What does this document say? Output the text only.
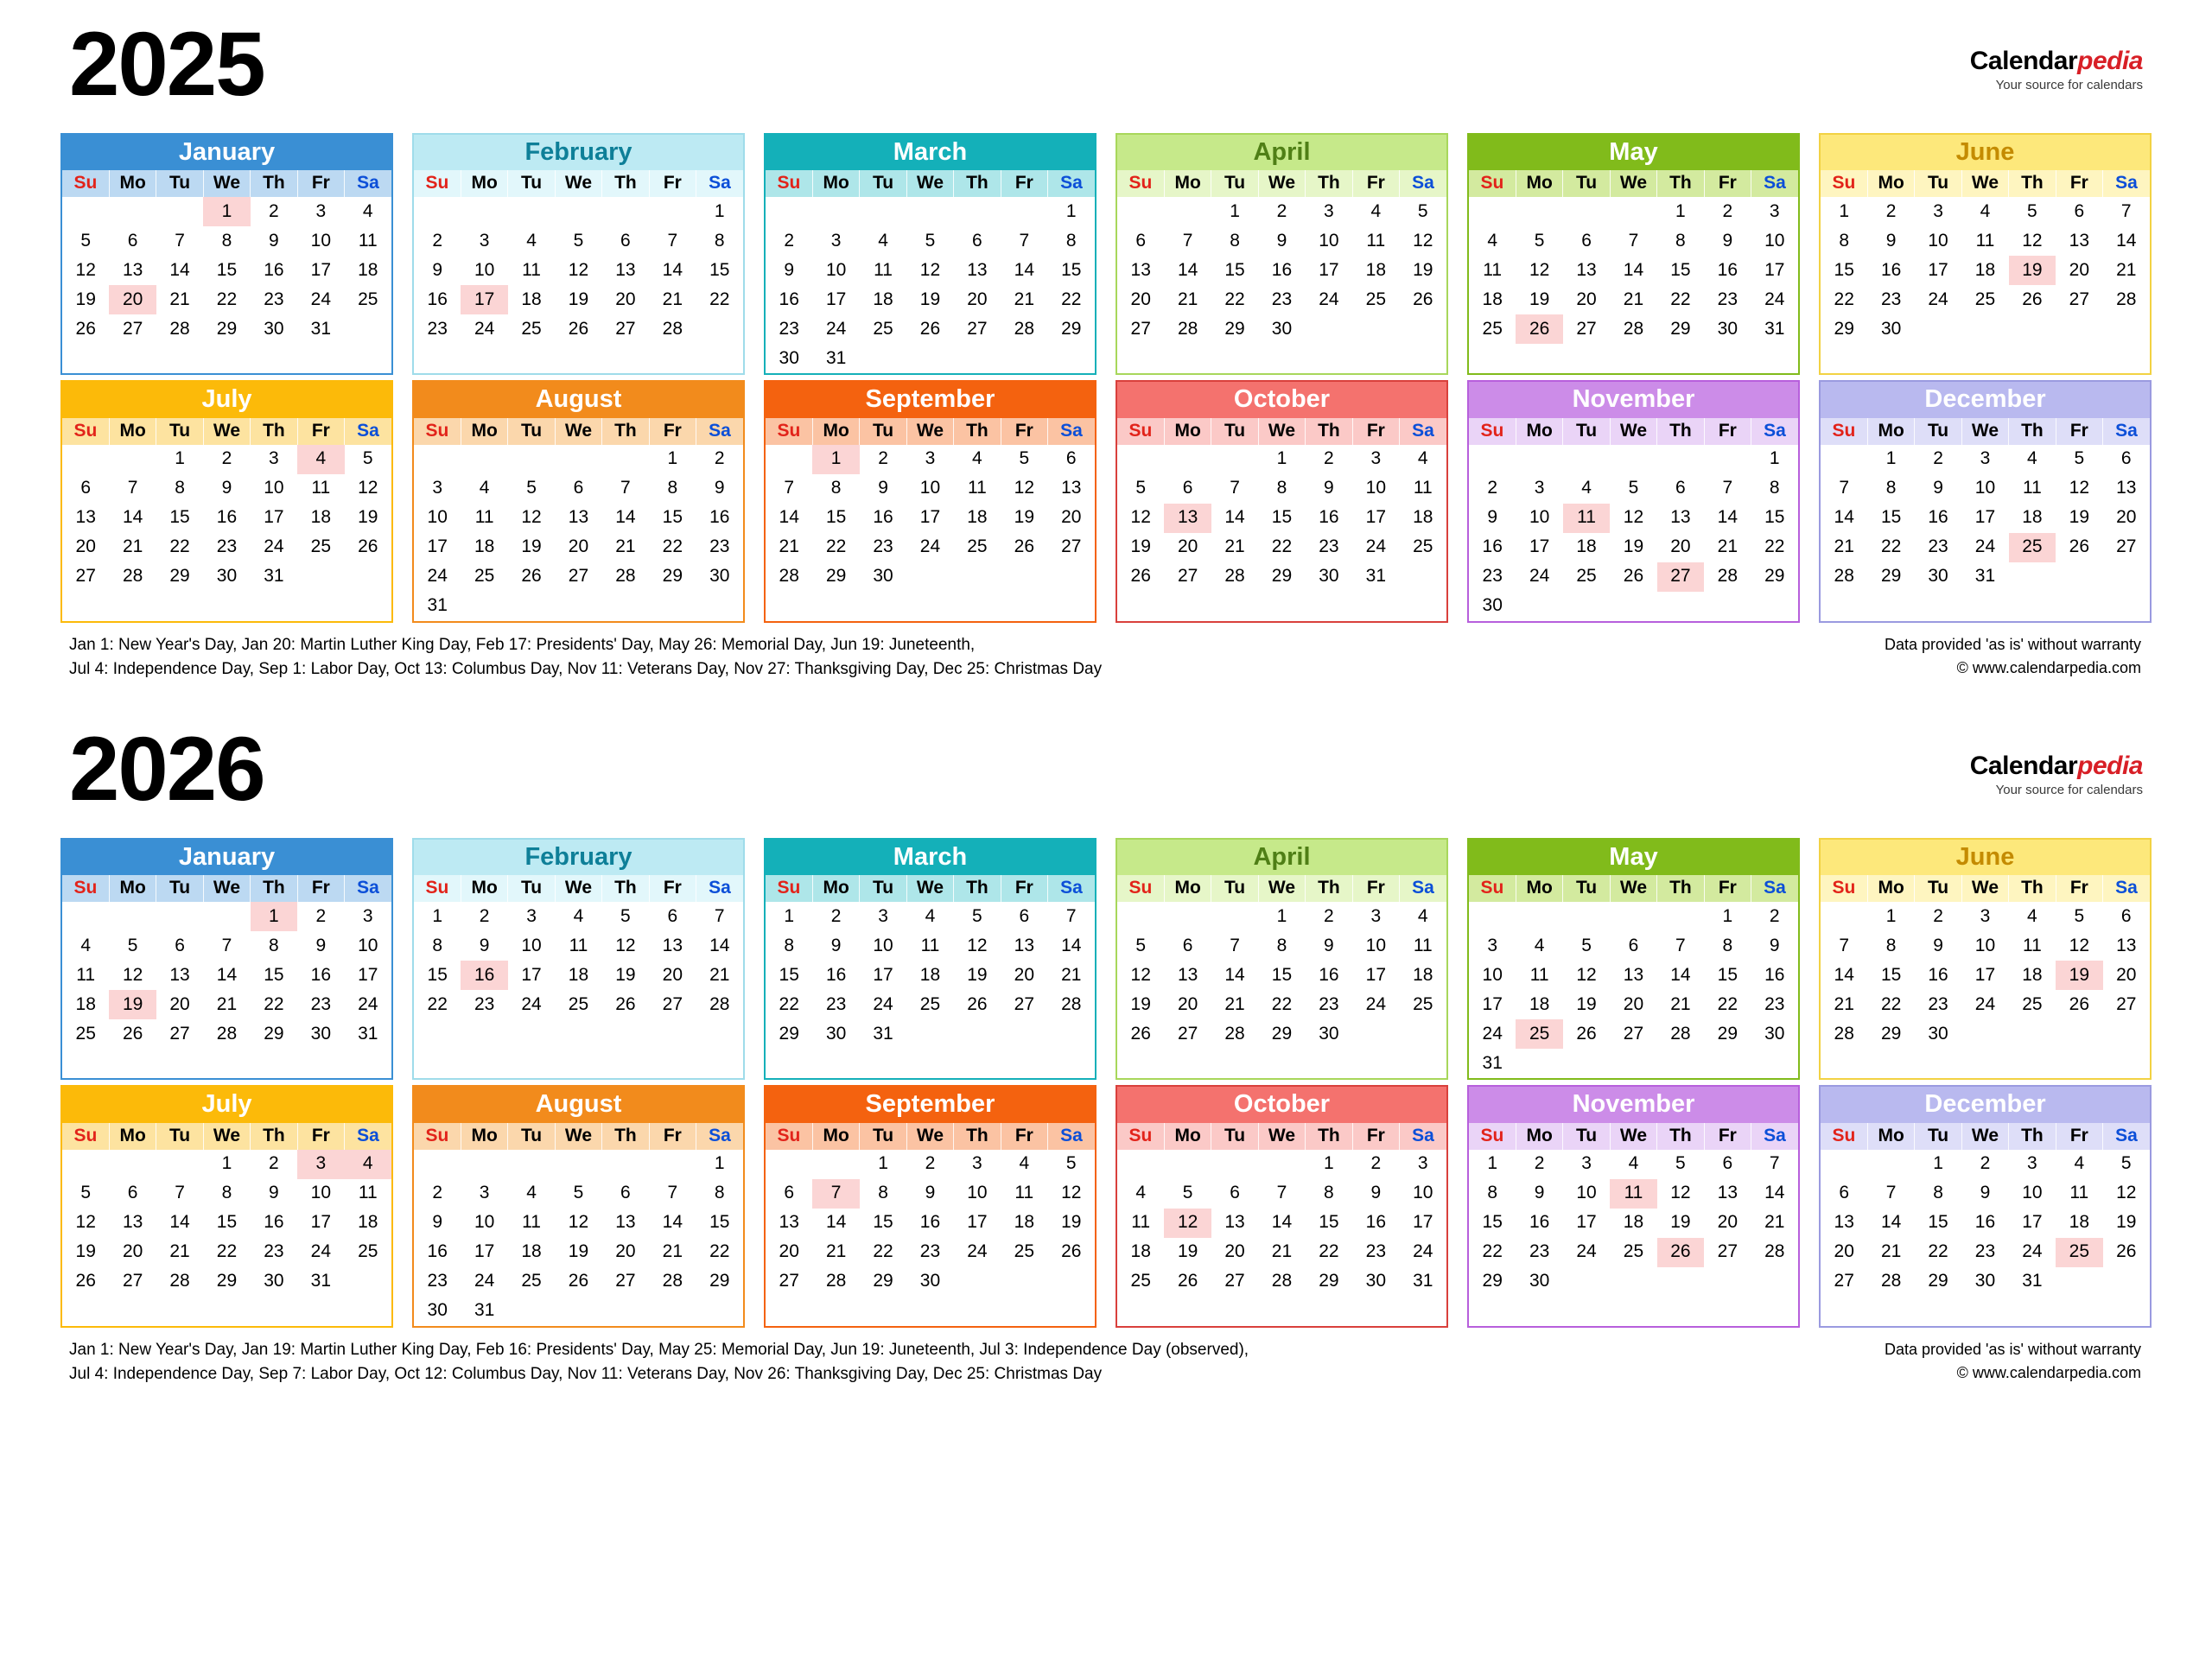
2025	Calendarpedia
Your source for calendars
January
Su	Mo	Tu	We	Th	Fr	Sa
			1	2	3	4
5	6	7	8	9	10	11
12	13	14	15	16	17	18
19	20	21	22	23	24	25
26	27	28	29	30	31	
February
Su	Mo	Tu	We	Th	Fr	Sa
						1
2	3	4	5	6	7	8
9	10	11	12	13	14	15
16	17	18	19	20	21	22
23	24	25	26	27	28	
March
Su	Mo	Tu	We	Th	Fr	Sa
						1
2	3	4	5	6	7	8
9	10	11	12	13	14	15
16	17	18	19	20	21	22
23	24	25	26	27	28	29
30	31					
April
Su	Mo	Tu	We	Th	Fr	Sa
		1	2	3	4	5
6	7	8	9	10	11	12
13	14	15	16	17	18	19
20	21	22	23	24	25	26
27	28	29	30			
May
Su	Mo	Tu	We	Th	Fr	Sa
				1	2	3
4	5	6	7	8	9	10
11	12	13	14	15	16	17
18	19	20	21	22	23	24
25	26	27	28	29	30	31
June
Su	Mo	Tu	We	Th	Fr	Sa
1	2	3	4	5	6	7
8	9	10	11	12	13	14
15	16	17	18	19	20	21
22	23	24	25	26	27	28
29	30					
July
Su	Mo	Tu	We	Th	Fr	Sa
		1	2	3	4	5
6	7	8	9	10	11	12
13	14	15	16	17	18	19
20	21	22	23	24	25	26
27	28	29	30	31		
August
Su	Mo	Tu	We	Th	Fr	Sa
					1	2
3	4	5	6	7	8	9
10	11	12	13	14	15	16
17	18	19	20	21	22	23
24	25	26	27	28	29	30
31						
September
Su	Mo	Tu	We	Th	Fr	Sa
	1	2	3	4	5	6
7	8	9	10	11	12	13
14	15	16	17	18	19	20
21	22	23	24	25	26	27
28	29	30				
October
Su	Mo	Tu	We	Th	Fr	Sa
			1	2	3	4
5	6	7	8	9	10	11
12	13	14	15	16	17	18
19	20	21	22	23	24	25
26	27	28	29	30	31	
November
Su	Mo	Tu	We	Th	Fr	Sa
						1
2	3	4	5	6	7	8
9	10	11	12	13	14	15
16	17	18	19	20	21	22
23	24	25	26	27	28	29
30						
December
Su	Mo	Tu	We	Th	Fr	Sa
	1	2	3	4	5	6
7	8	9	10	11	12	13
14	15	16	17	18	19	20
21	22	23	24	25	26	27
28	29	30	31			
Jan 1: New Year's Day, Jan 20: Martin Luther King Day, Feb 17: Presidents' Day, May 26: Memorial Day, Jun 19: Juneteenth,
Jul 4: Independence Day, Sep 1: Labor Day, Oct 13: Columbus Day, Nov 11: Veterans Day, Nov 27: Thanksgiving Day, Dec 25: Christmas Day
Data provided 'as is' without warranty
© www.calendarpedia.com
2026	Calendarpedia
Your source for calendars
January
Su	Mo	Tu	We	Th	Fr	Sa
				1	2	3
4	5	6	7	8	9	10
11	12	13	14	15	16	17
18	19	20	21	22	23	24
25	26	27	28	29	30	31
February
Su	Mo	Tu	We	Th	Fr	Sa
1	2	3	4	5	6	7
8	9	10	11	12	13	14
15	16	17	18	19	20	21
22	23	24	25	26	27	28
March
Su	Mo	Tu	We	Th	Fr	Sa
1	2	3	4	5	6	7
8	9	10	11	12	13	14
15	16	17	18	19	20	21
22	23	24	25	26	27	28
29	30	31				
April
Su	Mo	Tu	We	Th	Fr	Sa
			1	2	3	4
5	6	7	8	9	10	11
12	13	14	15	16	17	18
19	20	21	22	23	24	25
26	27	28	29	30		
May
Su	Mo	Tu	We	Th	Fr	Sa
					1	2
3	4	5	6	7	8	9
10	11	12	13	14	15	16
17	18	19	20	21	22	23
24	25	26	27	28	29	30
31						
June
Su	Mo	Tu	We	Th	Fr	Sa
	1	2	3	4	5	6
7	8	9	10	11	12	13
14	15	16	17	18	19	20
21	22	23	24	25	26	27
28	29	30				
July
Su	Mo	Tu	We	Th	Fr	Sa
			1	2	3	4
5	6	7	8	9	10	11
12	13	14	15	16	17	18
19	20	21	22	23	24	25
26	27	28	29	30	31	
August
Su	Mo	Tu	We	Th	Fr	Sa
						1
2	3	4	5	6	7	8
9	10	11	12	13	14	15
16	17	18	19	20	21	22
23	24	25	26	27	28	29
30	31					
September
Su	Mo	Tu	We	Th	Fr	Sa
		1	2	3	4	5
6	7	8	9	10	11	12
13	14	15	16	17	18	19
20	21	22	23	24	25	26
27	28	29	30			
October
Su	Mo	Tu	We	Th	Fr	Sa
				1	2	3
4	5	6	7	8	9	10
11	12	13	14	15	16	17
18	19	20	21	22	23	24
25	26	27	28	29	30	31
November
Su	Mo	Tu	We	Th	Fr	Sa
1	2	3	4	5	6	7
8	9	10	11	12	13	14
15	16	17	18	19	20	21
22	23	24	25	26	27	28
29	30					
December
Su	Mo	Tu	We	Th	Fr	Sa
		1	2	3	4	5
6	7	8	9	10	11	12
13	14	15	16	17	18	19
20	21	22	23	24	25	26
27	28	29	30	31		
Jan 1: New Year's Day, Jan 19: Martin Luther King Day, Feb 16: Presidents' Day, May 25: Memorial Day, Jun 19: Juneteenth, Jul 3: Independence Day (observed),
Jul 4: Independence Day, Sep 7: Labor Day, Oct 12: Columbus Day, Nov 11: Veterans Day, Nov 26: Thanksgiving Day, Dec 25: Christmas Day
Data provided 'as is' without warranty
© www.calendarpedia.com
